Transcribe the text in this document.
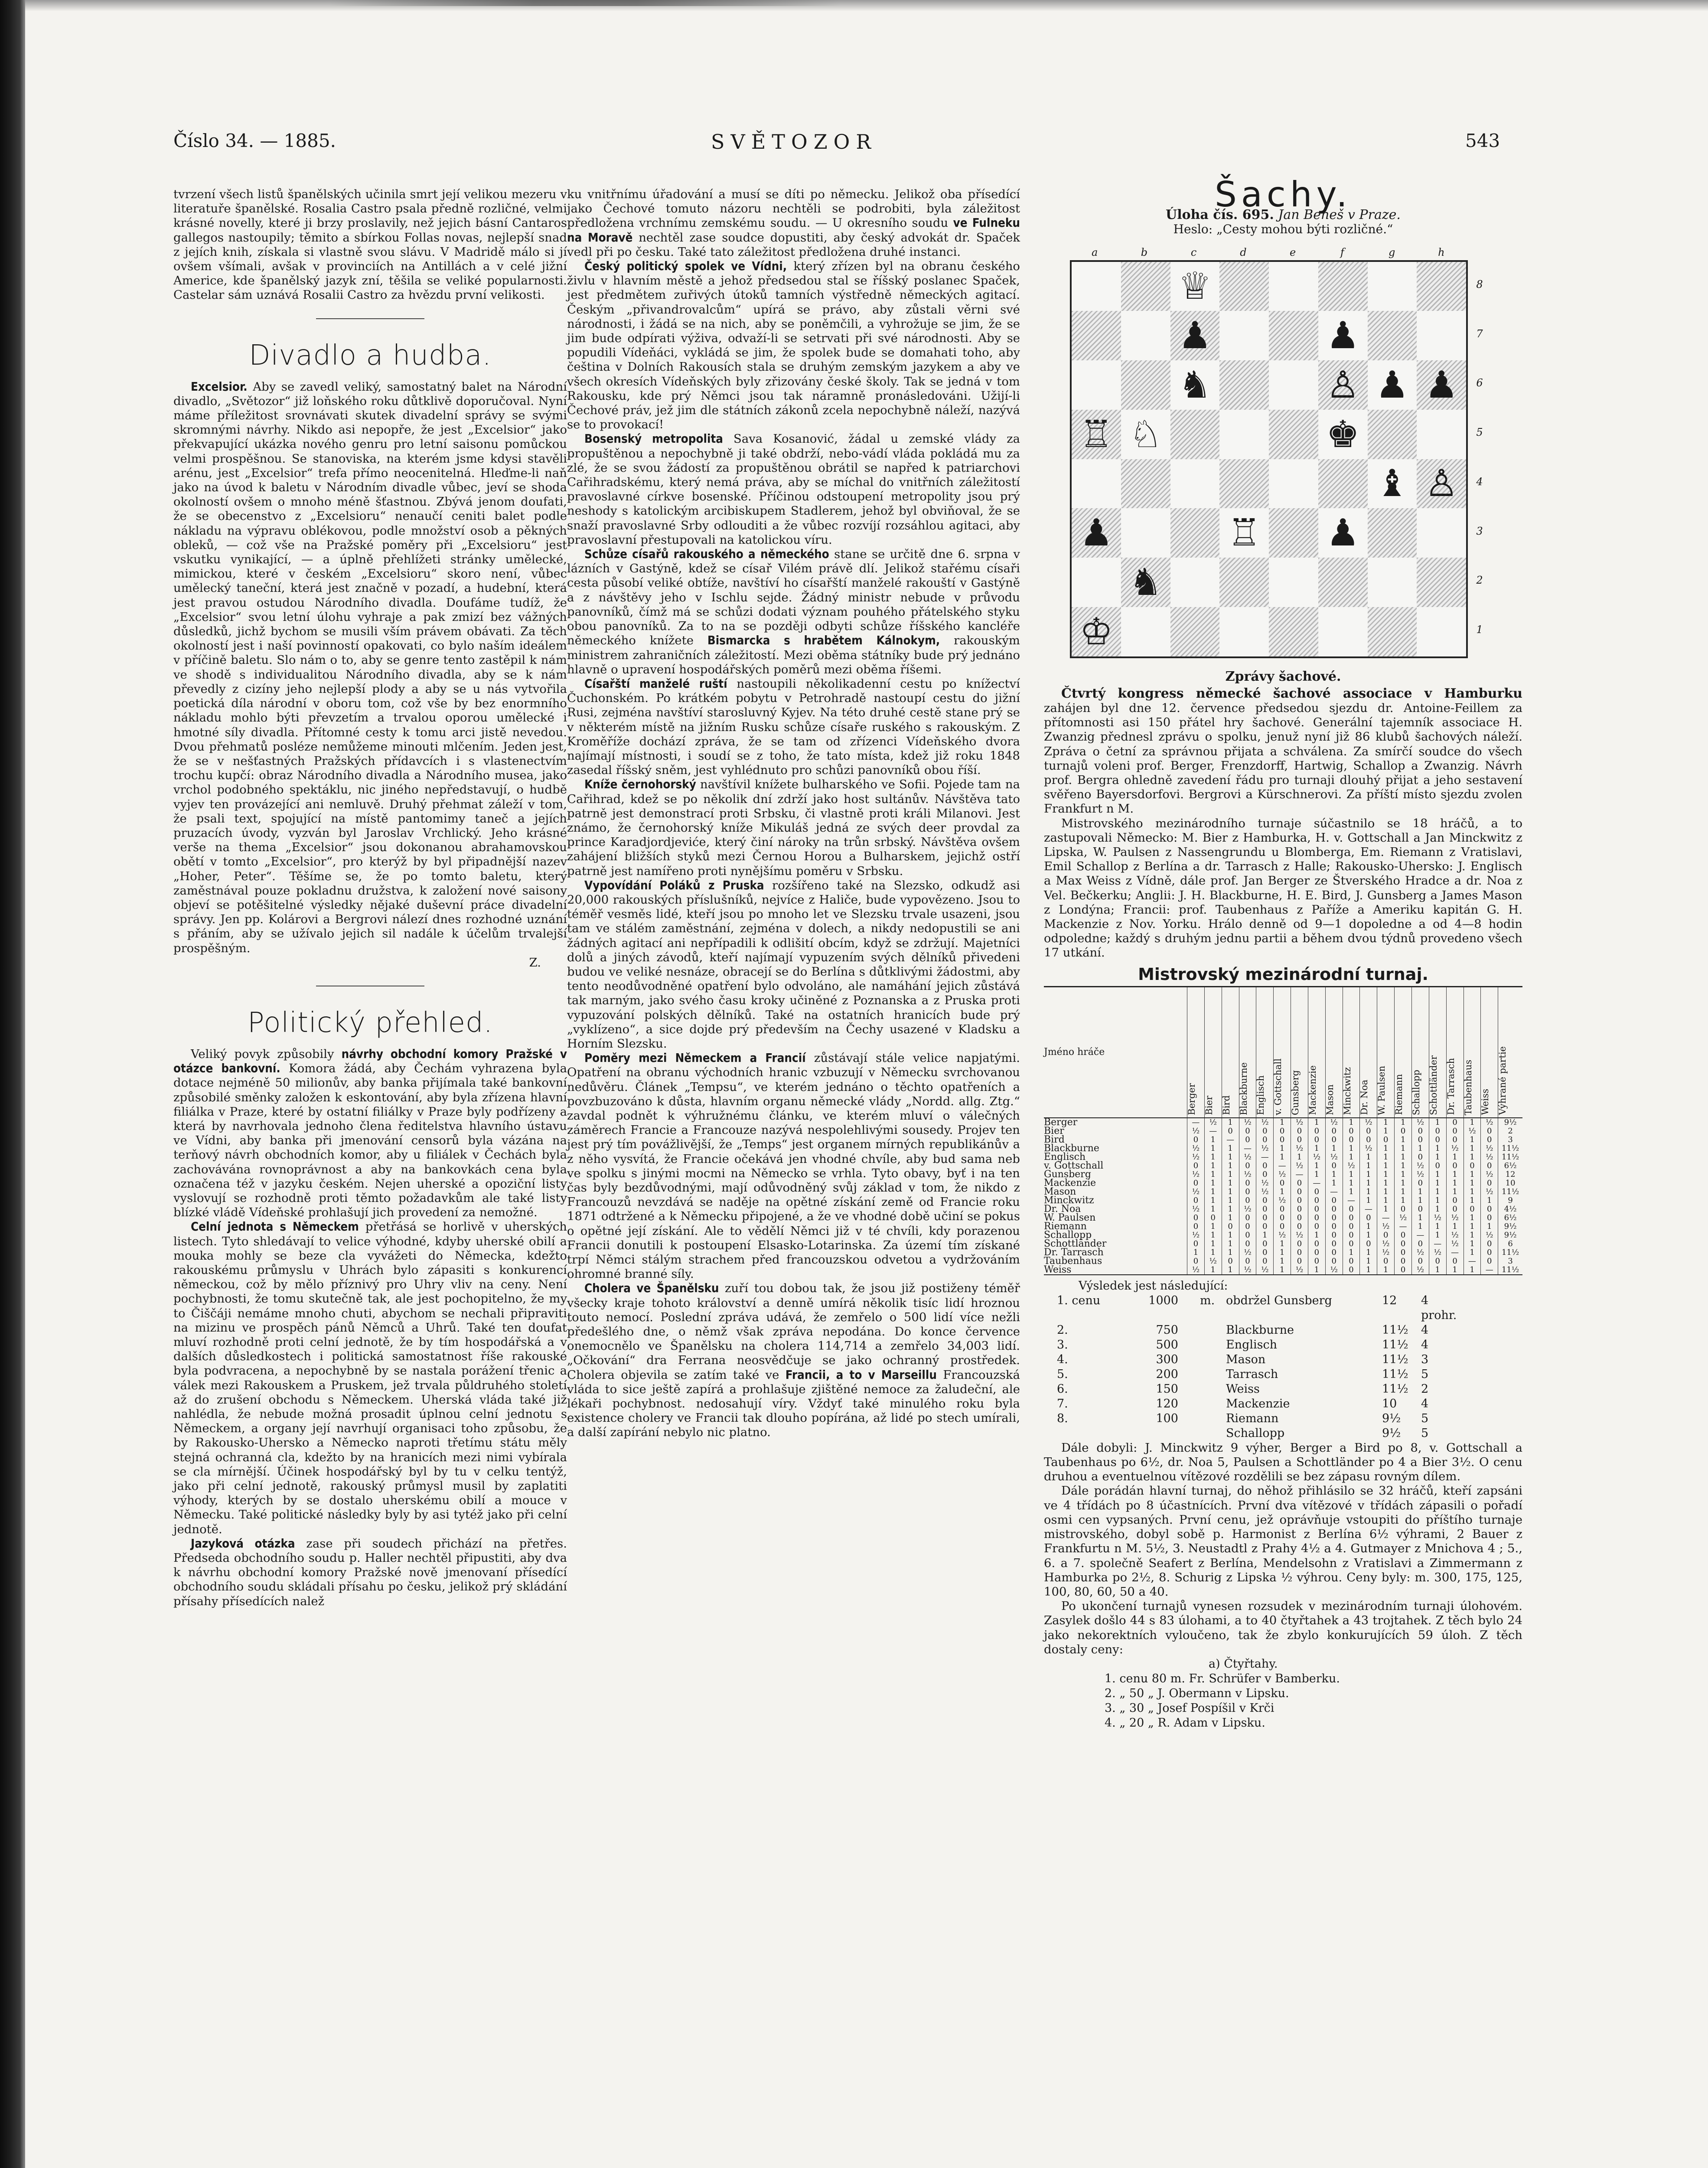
Číslo 34. — 1885.	SVĚTOZOR	543

tvrzení všech listů španělských učinila smrt její velikou mezeru v literatuře španělské. Rosalia Castro psala předně rozličné, velmi krásné novelly, které ji brzy proslavily, než jejich básní Cantaros gallegos nastoupily; těmito a sbírkou Follas novas, nejlepší snad z jejích knih, získala si vlastně svou slávu. V Madridě málo si jí ovšem všímali, avšak v provinciích na Antillách a v celé jižní Americe, kde španělský jazyk zní, těšila se veliké popularnosti. Castelar sám uznává Rosalii Castro za hvězdu první velikosti.

Divadlo a hudba.

Excelsior. Aby se zavedl veliký, samostatný balet na Národní divadlo, „Světozor“ již loňského roku důtklivě doporučoval. Nyní máme příležitost srovnávati skutek divadelní správy se svými skromnými návrhy. Nikdo asi nepopře, že jest „Excelsior“ jako překvapující ukázka nového genru pro letní saisonu pomůckou velmi prospěšnou. Se stanoviska, na kterém jsme kdysi stavěli arénu, jest „Excelsior“ trefa přímo neocenitelná. Hleďme-li naň jako na úvod k baletu v Národním divadle vůbec, jeví se shoda okolností ovšem o mnoho méně šťastnou. Zbývá jenom doufati, že se obecenstvo z „Excelsioru“ nenaučí ceniti balet podle nákladu na výpravu oblékovou, podle množství osob a pěkných obleků, — což vše na Pražské poměry při „Excelsioru“ jest vskutku vynikající, — a úplně přehlížeti stránky umělecké, mimickou, které v českém „Excelsioru“ skoro není, vůbec umělecký taneční, která jest značně v pozadí, a hudební, která jest pravou ostudou Národního divadla. Doufáme tudíž, že „Excelsior“ svou letní úlohu vyhraje a pak zmizí bez vážných důsledků, jichž bychom se musili vším právem obávati. Za těch okolností jest i naší povinností opakovati, co bylo naším ideálem v příčině baletu. Slo nám o to, aby se genre tento zastěpil k nám ve shodě s individualitou Národního divadla, aby se k nám převedly z cizíny jeho nejlepší plody a aby se u nás vytvořila poetická díla národní v oboru tom, což vše by bez enormního nákladu mohlo býti převzetím a trvalou oporou umělecké i hmotné síly divadla. Přítomné cesty k tomu arci jistě nevedou. Dvou přehmatů posléze nemůžeme minouti mlčením. Jeden jest, že se v nešťastných Pražských přídavcích i s vlastenectvím trochu kupčí: obraz Národního divadla a Národního musea, jako vrchol podobného spektáklu, nic jiného nepředstavují, o hudbě vyjev ten provázející ani nemluvě. Druhý přehmat záleží v tom, že psali text, spojující na místě pantomimy taneč a jejích pruzacích úvody, vyzván byl Jaroslav Vrchlický. Jeho krásné verše na thema „Excelsior“ jsou dokonanou abrahamovskou obětí v tomto „Excelsior“, pro kterýž by byl připadnější nazev „Hoher, Peter“. Těšíme se, že po tomto baletu, který zaměstnával pouze pokladnu družstva, k založení nové saisony objeví se potěšitelné výsledky nějaké duševní práce divadelní správy. Jen pp. Kolárovi a Bergrovi nálezí dnes rozhodné uznání s přáním, aby se užívalo jejich sil nadále k účelům trvalejší prospěšným.

Z.
Politický přehled.

Veliký povyk způsobily návrhy obchodní komory Pražské v otázce bankovní. Komora žádá, aby Čechám vyhrazena byla dotace nejméně 50 milionův, aby banka přijímala také bankovní způsobilé směnky založen k eskontování, aby byla zřízena hlavní filiálka v Praze, které by ostatní filiálky v Praze byly podřízeny a která by navrhovala jednoho člena ředitelstva hlavního ústavu ve Vídni, aby banka při jmenování censorů byla vázána na terňový návrh obchodních komor, aby u filiálek v Čechách byla zachovávána rovnoprávnost a aby na bankovkách cena byla označena též v jazyku českém. Nejen uherské a opoziční listy vyslovují se rozhodně proti těmto požadavkům ale také listy blízké vládě Vídeňské prohlašují jich provedení za nemožné.

Celní jednota s Německem přetřásá se horlivě v uherských listech. Tyto shledávají to velice výhodné, kdyby uherské obilí a mouka mohly se beze cla vyvážeti do Německa, kdežto rakouskému průmyslu v Uhrách bylo zápasiti s konkurencí německou, což by mělo příznivý pro Uhry vliv na ceny. Není pochybnosti, že tomu skutečně tak, ale jest pochopitelno, že my to Čiščáji nemáme mnoho chuti, abychom se nechali připraviti na mizinu ve prospěch pánů Němců a Uhrů. Také ten doufat mluví rozhodně proti celní jednotě, že by tím hospodářská a v dalších důsledkostech i politická samostatnost říše rakouské byla podvracena, a nepochybně by se nastala porážení třenic a válek mezi Rakouskem a Pruskem, jež trvala půldruhého století až do zrušení obchodu s Německem. Uherská vláda také již nahlédla, že nebude možná prosadit úplnou celní jednotu s Německem, a organy její navrhují organisaci toho způsobu, že by Rakousko-Uhersko a Německo naproti třetímu státu měly stejná ochranná cla, kdežto by na hranicích mezi nimi vybírala se cla mírnější. Účinek hospodářský byl by tu v celku tentýž, jako při celní jednotě, rakouský průmysl musil by zaplatiti výhody, kterých by se dostalo uherskému obilí a mouce v Německu. Také politické následky byly by asi tytéž jako při celní jednotě.

Jazyková otázka zase při soudech přichází na přetřes. Předseda obchodního soudu p. Haller nechtěl připustiti, aby dva k návrhu obchodní komory Pražské nově jmenovaní přísedící obchodního soudu skládali přísahu po česku, jelikož prý skládání přísahy přísedících nalež

ku vnitřnímu úřadování a musí se díti po německu. Jelikož oba přísedící jako Čechové tomuto názoru nechtěli se podrobiti, byla záležitost předložena vrchnímu zemskému soudu. — U okresního soudu ve Fulneku na Moravě nechtěl zase soudce dopustiti, aby český advokát dr. Spaček vedl při po česku. Také tato záležitost předložena druhé instanci.

Český politický spolek ve Vídni, který zřízen byl na obranu českého živlu v hlavním městě a jehož předsedou stal se říšský poslanec Spaček, jest předmětem zuřivých útoků tamních výstředně německých agitací. Českým „přivandrovalcům“ upírá se právo, aby zůstali věrni své národnosti, i žádá se na nich, aby se poněmčili, a vyhrožuje se jim, že se jim bude odpírati výživa, odvaží-li se setrvati při své národnosti. Aby se popudili Vídeňáci, vykládá se jim, že spolek bude se domahati toho, aby čeština v Dolních Rakousích stala se druhým zemským jazykem a aby ve všech okresích Vídeňských byly zřizovány české školy. Tak se jedná v tom Rakousku, kde prý Němci jsou tak náramně pronásledováni. Užijí-li Čechové práv, jež jim dle státních zákonů zcela nepochybně náleží, nazývá se to provokací!

Bosenský metropolita Sava Kosanović, žádal u zemské vlády za propuštěnou a nepochybně ji také obdrží, nebo-vádí vláda pokládá mu za zlé, že se svou žádostí za propuštěnou obrátil se napřed k patriarchovi Cařihradskému, který nemá práva, aby se míchal do vnitřních záležitostí pravoslavné církve bosenské. Příčinou odstoupení metropolity jsou prý neshody s katolickým arcibiskupem Stadlerem, jehož byl obviňoval, že se snaží pravoslavné Srby odlouditi a že vůbec rozvíjí rozsáhlou agitaci, aby pravoslavní přestupovali na katolickou víru.

Schůze císařů rakouského a německého stane se určitě dne 6. srpna v lázních v Gastýně, kdež se císař Vilém právě dlí. Jelikož stařému císaři cesta působí veliké obtíže, navštíví ho císařští manželé rakouští v Gastýně a z návštěvy jeho v Ischlu sejde. Žádný ministr nebude v průvodu panovníků, čímž má se schůzi dodati význam pouhého přátelského styku obou panovníků. Za to na se později odbyti schůze říšského kancléře německého knížete Bismarcka s hrabětem Kálnokym, rakouským ministrem zahraničních záležitostí. Mezi oběma státníky bude prý jednáno hlavně o upravení hospodářských poměrů mezi oběma říšemi.

Císařští manželé ruští nastoupili několikadenní cestu po knížectví Čuchonském. Po krátkém pobytu v Petrohradě nastoupí cestu do jižní Rusi, zejména navštíví starosluvný Kyjev. Na této druhé cestě stane prý se v některém místě na jižním Rusku schůze císaře ruského s rakouským. Z Kroměříže dochází zpráva, že se tam od zřízenci Vídeňského dvora najímají místnosti, i soudí se z toho, že tato místa, kdež již roku 1848 zasedal říšský sněm, jest vyhlédnuto pro schůzi panovníků obou říší.

Kníže černohorský navštívil knížete bulharského ve Sofii. Pojede tam na Cařihrad, kdež se po několik dní zdrží jako host sultánův. Návštěva tato patrně jest demonstrací proti Srbsku, či vlastně proti králi Milanovi. Jest známo, že černohorský kníže Mikuláš jedná ze svých deer provdal za prince Karadjordjeviće, který činí nároky na trůn srbský. Návštěva ovšem zahájení bližších styků mezi Černou Horou a Bulharskem, jejichž ostří patrně jest namířeno proti nynějšímu poměru v Srbsku.

Vypovídání Poláků z Pruska rozšířeno také na Slezsko, odkudž asi 20,000 rakouských příslušníků, nejvíce z Haliče, bude vypovězeno. Jsou to téměř vesměs lidé, kteří jsou po mnoho let ve Slezsku trvale usazeni, jsou tam ve stálém zaměstnání, zejména v dolech, a nikdy nedopustili se ani žádných agitací ani nepřípadili k odlišití obcím, když se zdržují. Majetníci dolů a jiných závodů, kteří najímají vypuzením svých dělníků přivedeni budou ve veliké nesnáze, obracejí se do Berlína s důtklivými žádostmi, aby tento neodůvodněné opatření bylo odvoláno, ale namáhání jejich zůstává tak marným, jako svého času kroky učiněné z Poznanska a z Pruska proti vypuzování polských dělníků. Také na ostatních hranicích bude prý „vyklízeno“, a sice dojde prý především na Čechy usazené v Kladsku a Horním Slezsku.

Poměry mezi Německem a Francií zůstávají stále velice napjatými. Opatření na obranu východních hranic vzbuzují v Německu svrchovanou nedůvěru. Článek „Tempsu“, ve kterém jednáno o těchto opatřeních a povzbuzováno k důsta, hlavním organu německé vlády „Nordd. allg. Ztg.“ zavdal podnět k výhružnému článku, ve kterém mluví o válečných záměrech Francie a Francouze nazývá nespolehlivými sousedy. Projev ten jest prý tím povážlivější, že „Temps“ jest organem mírných republikánův a z něho vysvítá, že Francie očekává jen vhodné chvíle, aby bud sama neb ve spolku s jinými mocmi na Německo se vrhla. Tyto obavy, byť i na ten čas byly bezdůvodnými, mají odůvodněný svůj základ v tom, že nikdo z Francouzů nevzdává se naděje na opětné získání země od Francie roku 1871 odtržené a k Německu připojené, a že ve vhodné době učiní se pokus o opětné její získání. Ale to vědělí Němci již v té chvíli, kdy porazenou Francii donutili k postoupení Elsasko-Lotarinska. Za území tím získané trpí Němci stálým strachem před francouzskou odvetou a vydržováním ohromné branné síly.

Cholera ve Španělsku zuří tou dobou tak, že jsou již postiženy téměř všecky kraje tohoto království a denně umírá několik tisíc lidí hroznou touto nemocí. Poslední zpráva udává, že zemřelo o 500 lidí více nežli předešlého dne, o němž však zpráva nepodána. Do konce července onemocnělo ve Španělsku na cholera 114,714 a zemřelo 34,003 lidí. „Očkování“ dra Ferrana neosvědčuje se jako ochranný prostředek. Cholera objevila se zatím také ve Francii, a to v Marseillu Francouzská vláda to sice ještě zapírá a prohlašuje zjištěné nemoce za žaludeční, ale lékaři pochybnost. nedosahují víry. Vždyť také minulého roku byla existence cholery ve Francii tak dlouho popírána, až lidé po stech umírali, a další zapírání nebylo nic platno.

Šachy.
Úloha čís. 695. Jan Beneš v Praze.
Heslo: „Cesty mohou býti rozličné.“
a	b	c	d	e	f	g	h
♕
♟	♟
♞	♙ ♟ ♟
♖ ♘	♚
♝ ♙
♟	♖ ♟
♞
♔
8
7
6
5
4
3
2
1
Zprávy šachové.

Čtvrtý kongress německé šachové associace v Hamburku zahájen byl dne 12. července předsedou sjezdu dr. Antoine-Feillem za přítomnosti asi 150 přátel hry šachové. Generální tajemník associace H. Zwanzig přednesl zprávu o spolku, jenuž nyní již 86 klubů šachových náleží. Zpráva o četní za správnou přijata a schválena. Za smírčí soudce do všech turnajů voleni prof. Berger, Frenzdorff, Hartwig, Schallop a Zwanzig. Návrh prof. Bergra ohledně zavedení řádu pro turnaji dlouhý přijat a jeho sestavení svěřeno Bayersdorfovi. Bergrovi a Kürschnerovi. Za příští místo sjezdu zvolen Frankfurt n M.

Mistrovského mezinárodního turnaje súčastnilo se 18 hráčů, a to zastupovali Německo: M. Bier z Hamburka, H. v. Gottschall a Jan Minckwitz z Lipska, W. Paulsen z Nassengrundu u Blomberga, Em. Riemann z Vratislavi, Emil Schallop z Berlína a dr. Tarrasch z Halle; Rakousko-Uhersko: J. Englisch a Max Weiss z Vídně, dále prof. Jan Berger ze Štverského Hradce a dr. Noa z Vel. Bečkerku; Anglii: J. H. Blackburne, H. E. Bird, J. Gunsberg a James Mason z Londýna; Francii: prof. Taubenhaus z Paříže a Ameriku kapitán G. H. Mackenzie z Nov. Yorku. Hrálo denně od 9—1 dopoledne a od 4—8 hodin odpoledne; každý s druhým jednu partii a během dvou týdnů provedeno všech 17 utkání.

Mistrovský mezinárodní turnaj.
Jméno hráče	Berger	Bier	Bird	Blackburne	Englisch	v. Gottschall	Gunsberg	Mackenzie	Mason	Minckwitz	Dr. Noa	W. Paulsen	Riemann	Schallopp	Schottländer	Dr. Tarrasch	Taubenhaus	Weiss	Výhrané partie
Berger	—	½	1	½	½	1	½	1	½	1	½	1	1	½	1	0	1	½	9½
Bier	½	—	0	0	0	0	0	0	0	0	0	1	0	0	0	0	½	0	2
Bird	0	1	—	0	0	0	0	0	0	0	0	0	1	0	0	0	1	0	3
Blackburne	½	1	1	—	½	1	½	1	1	1	½	1	1	1	1	½	1	½	11½
Englisch	½	1	1	½	—	1	1	½	½	1	1	1	1	0	1	1	1	½	11½
v. Gottschall	0	1	1	0	0	—	½	1	0	½	1	1	1	½	0	0	0	0	6½
Gunsberg	½	1	1	½	0	½	—	1	1	1	1	1	1	½	1	1	1	½	12
Mackenzie	0	1	1	0	½	0	0	—	1	1	1	1	1	0	1	1	1	0	10
Mason	½	1	1	0	½	1	0	0	—	1	1	1	1	1	1	1	1	½	11½
Minckwitz	0	1	1	0	0	½	0	0	0	—	1	1	1	1	1	0	1	1	9
Dr. Noa	½	1	1	½	0	0	0	0	0	0	—	1	0	0	1	0	0	0	4½
W. Paulsen	0	0	1	0	0	0	0	0	0	0	0	—	½	1	½	½	1	0	6½
Riemann	0	1	0	0	0	0	0	0	0	0	1	½	—	1	1	1	1	1	9½
Schallopp	½	1	1	0	1	½	½	1	0	0	1	0	0	—	1	½	1	½	9½
Schottländer	0	1	1	0	0	1	0	0	0	0	0	½	0	0	—	½	1	0	6
Dr. Tarrasch	1	1	1	½	0	1	0	0	0	1	1	½	0	½	½	—	1	0	11½
Taubenhaus	0	½	0	0	0	1	0	0	0	0	1	0	0	0	0	0	—	0	3
Weiss	½	1	1	½	½	1	½	1	½	0	1	1	0	½	1	1	1	—	11½
Výsledek jest následující:
1. cenu	1000	m. obdržel Gunsberg	12	4 prohr.
2.	750	Blackburne	11½	4
3.	500	Englisch	11½	4
4.	300	Mason	11½	3
5.	200	Tarrasch	11½	5
6.	150	Weiss	11½	2
7.	120	Mackenzie	10	4
8.	100	Riemann	9½	5
Schallopp	9½	5

Dále dobyli: J. Minckwitz 9 výher, Berger a Bird po 8, v. Gottschall a Taubenhaus po 6½, dr. Noa 5, Paulsen a Schottländer po 4 a Bier 3½. O cenu druhou a eventuelnou vítězové rozdělili se bez zápasu rovným dílem.

Dále porádán hlavní turnaj, do něhož přihlásilo se 32 hráčů, kteří zapsáni ve 4 třídách po 8 účastnících. První dva vítězové v třídách zápasili o pořadí osmi cen vypsaných. První cenu, jež oprávňuje vstoupiti do příštího turnaje mistrovského, dobyl sobě p. Harmonist z Berlína 6½ výhrami, 2 Bauer z Frankfurtu n M. 5½, 3. Neustadtl z Prahy 4½ a 4. Gutmayer z Mnichova 4 ; 5., 6. a 7. společně Seafert z Berlína, Mendelsohn z Vratislavi a Zimmermann z Hamburka po 2½, 8. Schurig z Lipska ½ výhrou. Ceny byly: m. 300, 175, 125, 100, 80, 60, 50 a 40.

Po ukončení turnajů vynesen rozsudek v mezinárodním turnaji úlohovém. Zasylek došlo 44 s 83 úlohami, a to 40 čtyřtahek a 43 trojtahek. Z těch bylo 24 jako nekorektních vyloučeno, tak že zbylo konkurujících 59 úloh. Z těch dostaly ceny:

a) Čtyřtahy.
1. cenu 80 m. Fr. Schrüfer v Bamberku.
2. „ 50 „ J. Obermann v Lipsku.
3. „ 30 „ Josef Pospíšil v Krči
4. „ 20 „ R. Adam v Lipsku.
